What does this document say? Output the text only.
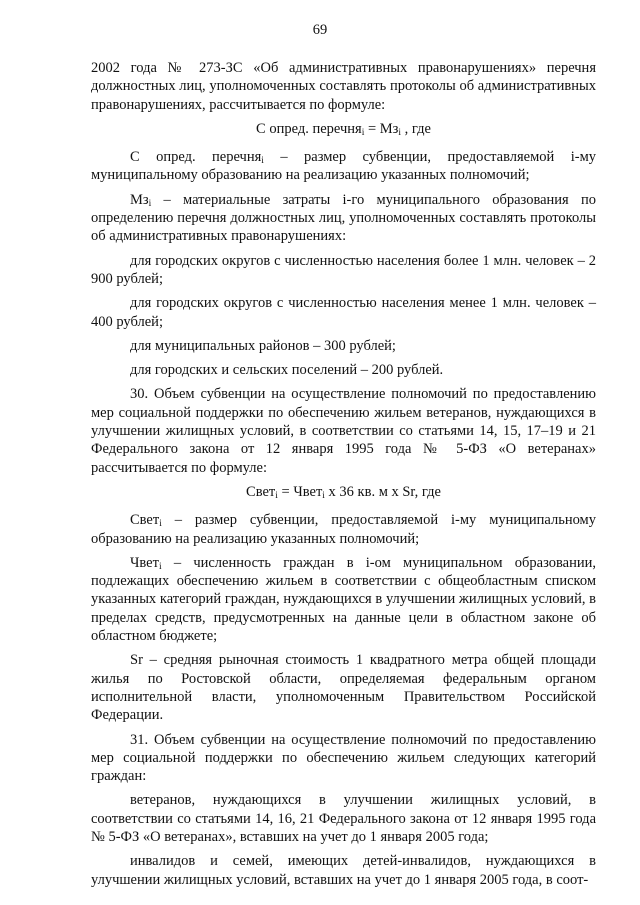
69

2002 года № 273-ЗС «Об административных правонарушениях» перечня должностных лиц, уполномоченных составлять протоколы об административных правонарушениях, рассчитывается по формуле:

С опред. перечня$_i$ = $Мз_i$ , где

С опред. перечня$_i$ – размер субвенции, предоставляемой i-му муниципальному образованию на реализацию указанных полномочий;

$Мз_i$ – материальные затраты i-го муниципального образования по определению перечня должностных лиц, уполномоченных составлять протоколы об административных правонарушениях:

для городских округов с численностью населения более 1 млн. человек – 2 900 рублей;

для городских округов с численностью населения менее 1 млн. человек – 400 рублей;

для муниципальных районов – 300 рублей;

для городских и сельских поселений – 200 рублей.

30. Объем субвенции на осуществление полномочий по предоставлению мер социальной поддержки по обеспечению жильем ветеранов, нуждающихся в улучшении жилищных условий, в соответствии со статьями 14, 15, 17–19 и 21 Федерального закона от 12 января 1995 года № 5-ФЗ «О ветеранах» рассчитывается по формуле:

Свет$_i$ = Чвет$_i$ х 36 кв. м х Sr, где

Свет$_i$ – размер субвенции, предоставляемой i-му муниципальному образованию на реализацию указанных полномочий;

Чвет$_i$ – численность граждан в i-ом муниципальном образовании, подлежащих обеспечению жильем в соответствии с общеобластным списком указанных категорий граждан, нуждающихся в улучшении жилищных условий, в пределах средств, предусмотренных на данные цели в областном законе об областном бюджете;

Sr – средняя рыночная стоимость 1 квадратного метра общей площади жилья по Ростовской области, определяемая федеральным органом исполнительной власти, уполномоченным Правительством Российской Федерации.

31. Объем субвенции на осуществление полномочий по предоставлению мер социальной поддержки по обеспечению жильем следующих категорий граждан:

ветеранов, нуждающихся в улучшении жилищных условий, в соответствии со статьями 14, 16, 21 Федерального закона от 12 января 1995 года № 5-ФЗ «О ветеранах», вставших на учет до 1 января 2005 года;

инвалидов и семей, имеющих детей-инвалидов, нуждающихся в улучшении жилищных условий, вставших на учет до 1 января 2005 года, в соот-
